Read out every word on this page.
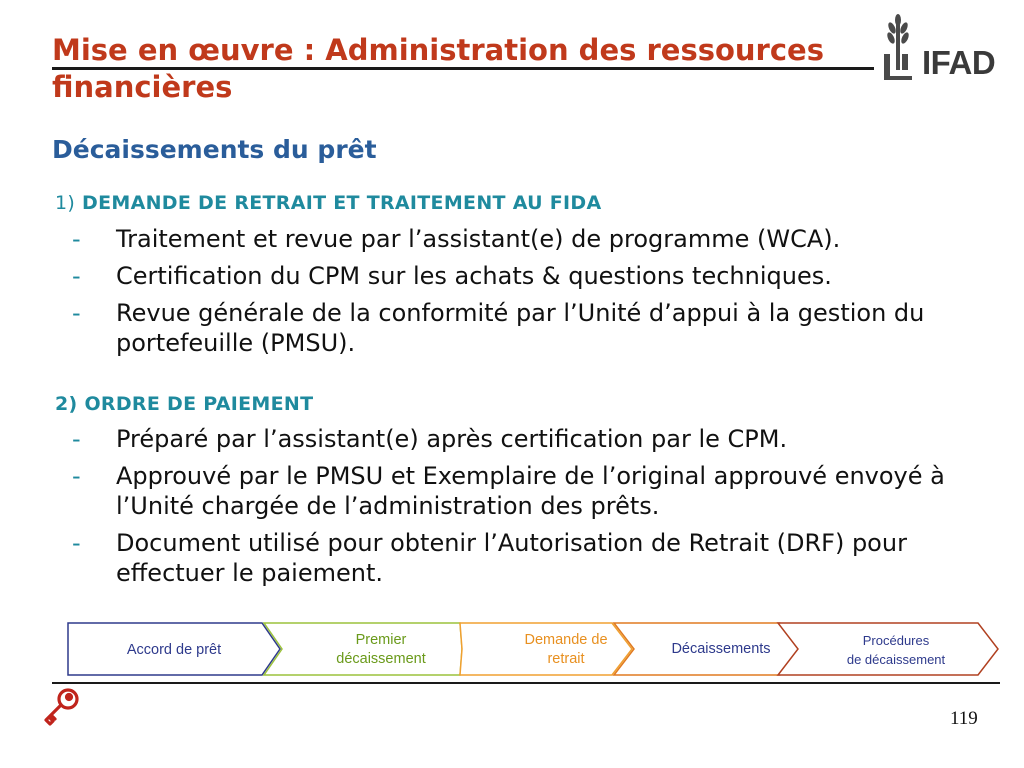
Mise en œuvre : Administration des ressources financières
IFAD
Décaissements du prêt
1) DEMANDE DE RETRAIT ET TRAITEMENT AU FIDA
- Traitement et revue par l’assistant(e) de programme (WCA).
- Certification du CPM sur les achats & questions techniques.
- Revue générale de la conformité par l’Unité d’appui à la gestion du portefeuille (PMSU).
2) ORDRE DE PAIEMENT
- Préparé par l’assistant(e) après certification par le CPM.
- Approuvé par le PMSU et Exemplaire de l’original approuvé envoyé à l’Unité chargée de l’administration des prêts.
- Document utilisé pour obtenir l’Autorisation de Retrait (DRF) pour effectuer le paiement.
Accord de prêt
Premier
décaissement
Demande de
retrait
Décaissements
Procédures
de décaissement
119
